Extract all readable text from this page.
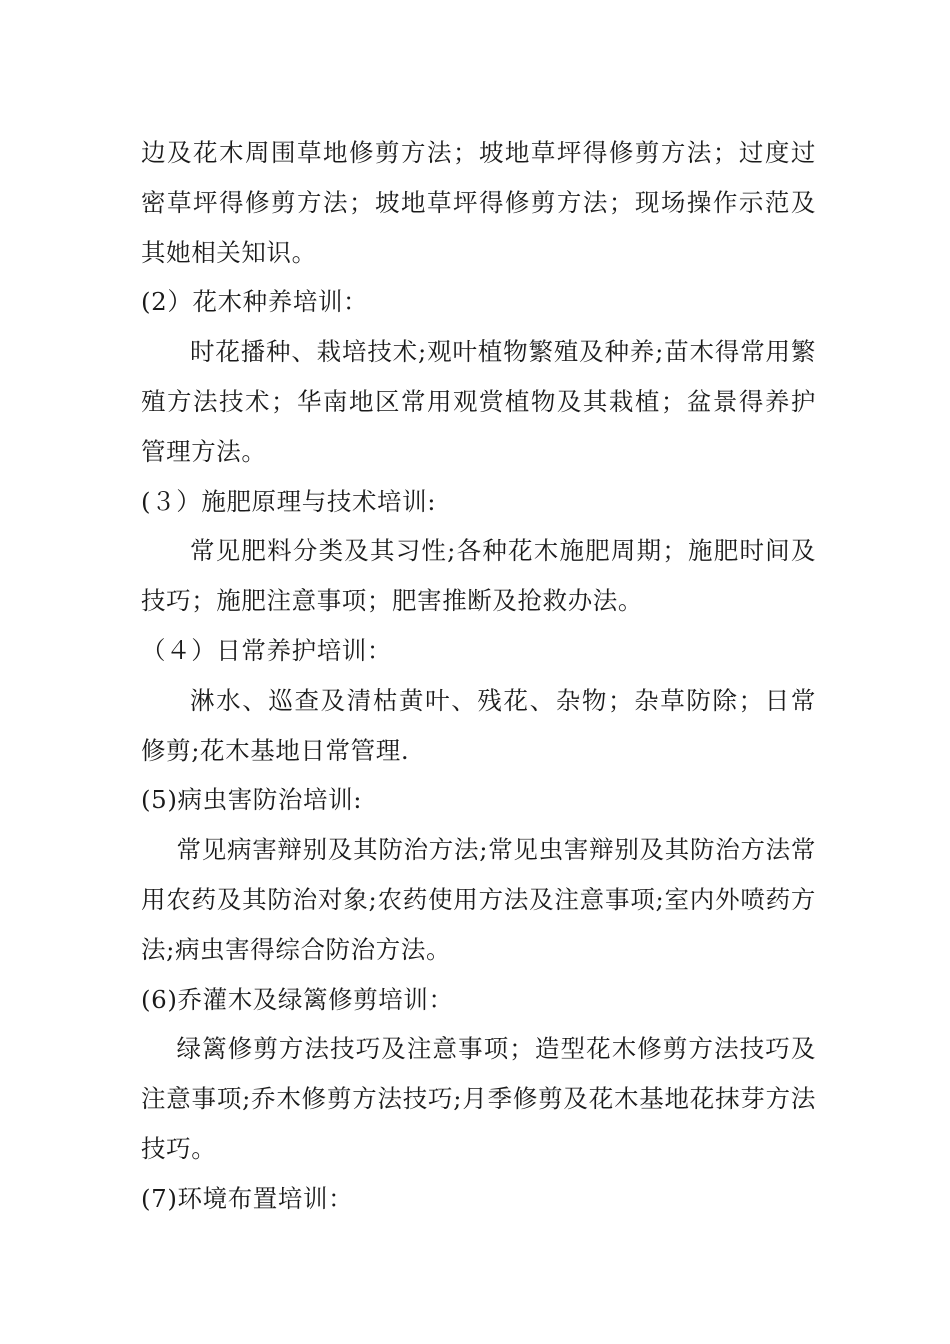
边及花木周围草地修剪方法；坡地草坪得修剪方法；过度过密草坪得修剪方法；坡地草坪得修剪方法；现场操作示范及其她相关知识。

(2）花木种养培训：

时花播种、栽培技术;观叶植物繁殖及种养;苗木得常用繁殖方法技术；华南地区常用观赏植物及其栽植；盆景得养护管理方法。

(３）施肥原理与技术培训:

常见肥料分类及其习性;各种花木施肥周期；施肥时间及技巧；施肥注意事项；肥害推断及抢救办法。

（４）日常养护培训：

淋水、巡查及清枯黄叶、残花、杂物；杂草防除；日常修剪;花木基地日常管理.

(5)病虫害防治培训:

常见病害辩别及其防治方法;常见虫害辩别及其防治方法常用农药及其防治对象;农药使用方法及注意事项;室内外喷药方法;病虫害得综合防治方法。

(6)乔灌木及绿篱修剪培训：

绿篱修剪方法技巧及注意事项；造型花木修剪方法技巧及注意事项;乔木修剪方法技巧;月季修剪及花木基地花抹芽方法技巧。

(7)环境布置培训：
